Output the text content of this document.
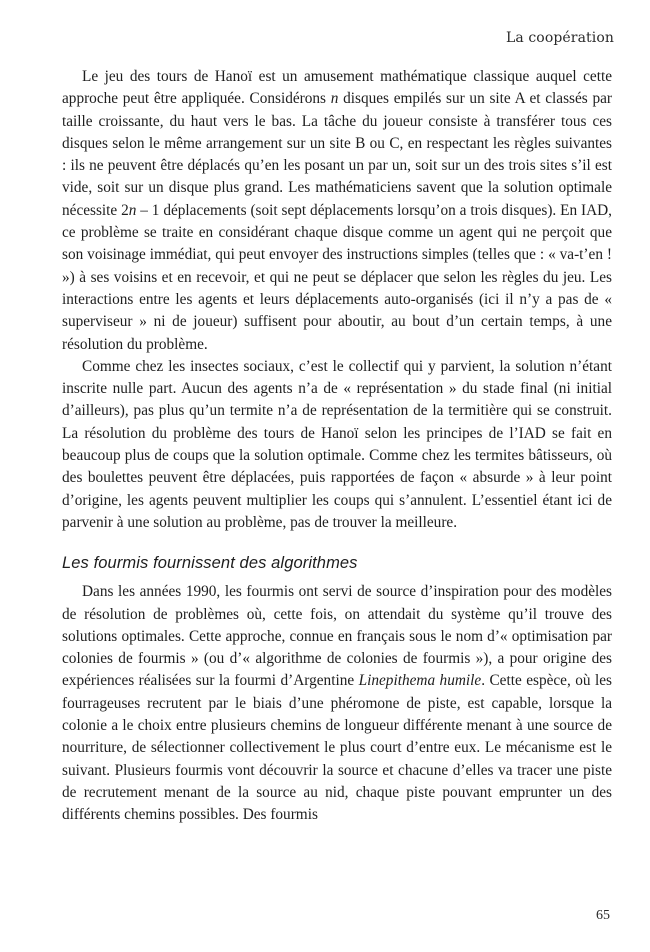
La coopération

Le jeu des tours de Hanoï est un amusement mathématique classique auquel cette approche peut être appliquée. Considérons n disques empilés sur un site A et classés par taille croissante, du haut vers le bas. La tâche du joueur consiste à transférer tous ces disques selon le même arrangement sur un site B ou C, en respectant les règles suivantes : ils ne peuvent être déplacés qu’en les posant un par un, soit sur un des trois sites s’il est vide, soit sur un disque plus grand. Les mathématiciens savent que la solution optimale nécessite 2n – 1 déplacements (soit sept déplacements lorsqu’on a trois disques). En IAD, ce problème se traite en considérant chaque disque comme un agent qui ne perçoit que son voisinage immédiat, qui peut envoyer des instructions simples (telles que : « va-t’en ! ») à ses voisins et en recevoir, et qui ne peut se déplacer que selon les règles du jeu. Les interactions entre les agents et leurs déplacements auto-organisés (ici il n’y a pas de « superviseur » ni de joueur) suffisent pour aboutir, au bout d’un certain temps, à une résolution du problème.

Comme chez les insectes sociaux, c’est le collectif qui y parvient, la solution n’étant inscrite nulle part. Aucun des agents n’a de « représentation » du stade final (ni initial d’ailleurs), pas plus qu’un termite n’a de représentation de la termitière qui se construit. La résolution du problème des tours de Hanoï selon les principes de l’IAD se fait en beaucoup plus de coups que la solution optimale. Comme chez les termites bâtisseurs, où des boulettes peuvent être déplacées, puis rapportées de façon « absurde » à leur point d’origine, les agents peuvent multiplier les coups qui s’annulent. L’essentiel étant ici de parvenir à une solution au problème, pas de trouver la meilleure.

Les fourmis fournissent des algorithmes

Dans les années 1990, les fourmis ont servi de source d’inspiration pour des modèles de résolution de problèmes où, cette fois, on attendait du système qu’il trouve des solutions optimales. Cette approche, connue en français sous le nom d’« optimisation par colonies de fourmis » (ou d’« algorithme de colonies de fourmis »), a pour origine des expériences réalisées sur la fourmi d’Argentine Linepithema humile. Cette espèce, où les fourrageuses recrutent par le biais d’une phéromone de piste, est capable, lorsque la colonie a le choix entre plusieurs chemins de longueur différente menant à une source de nourriture, de sélectionner collectivement le plus court d’entre eux. Le mécanisme est le suivant. Plusieurs fourmis vont découvrir la source et chacune d’elles va tracer une piste de recrutement menant de la source au nid, chaque piste pouvant emprunter un des différents chemins possibles. Des fourmis

65
